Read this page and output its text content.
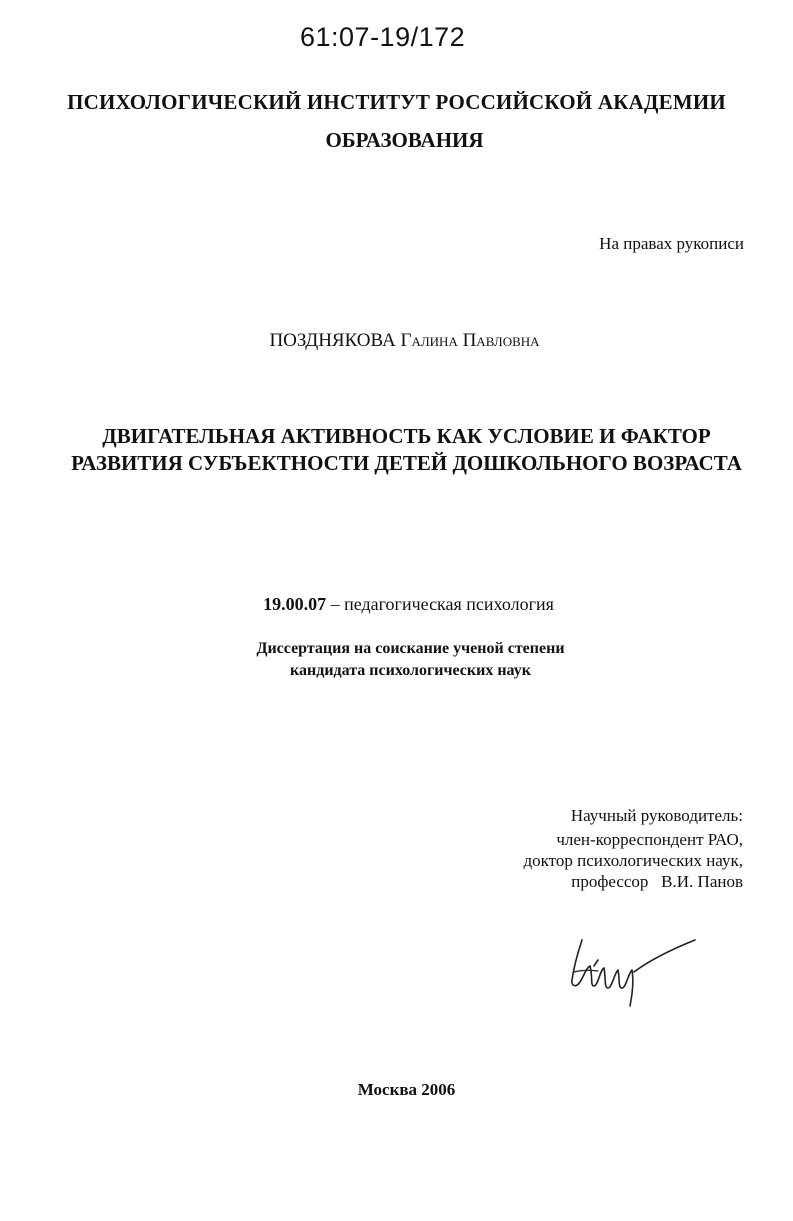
61:07-19/172
ПСИХОЛОГИЧЕСКИЙ ИНСТИТУТ РОССИЙСКОЙ АКАДЕМИИ
ОБРАЗОВАНИЯ
На правах рукописи
ПОЗДНЯКОВА Галина Павловна
ДВИГАТЕЛЬНАЯ АКТИВНОСТЬ КАК УСЛОВИЕ И ФАКТОР
РАЗВИТИЯ СУБЪЕКТНОСТИ ДЕТЕЙ ДОШКОЛЬНОГО ВОЗРАСТА
19.00.07 – педагогическая психология
Диссертация на соискание ученой степени
кандидата психологических наук
Научный руководитель:
член-корреспондент РАО,
доктор психологических наук,
профессор   В.И. Панов
Москва 2006
